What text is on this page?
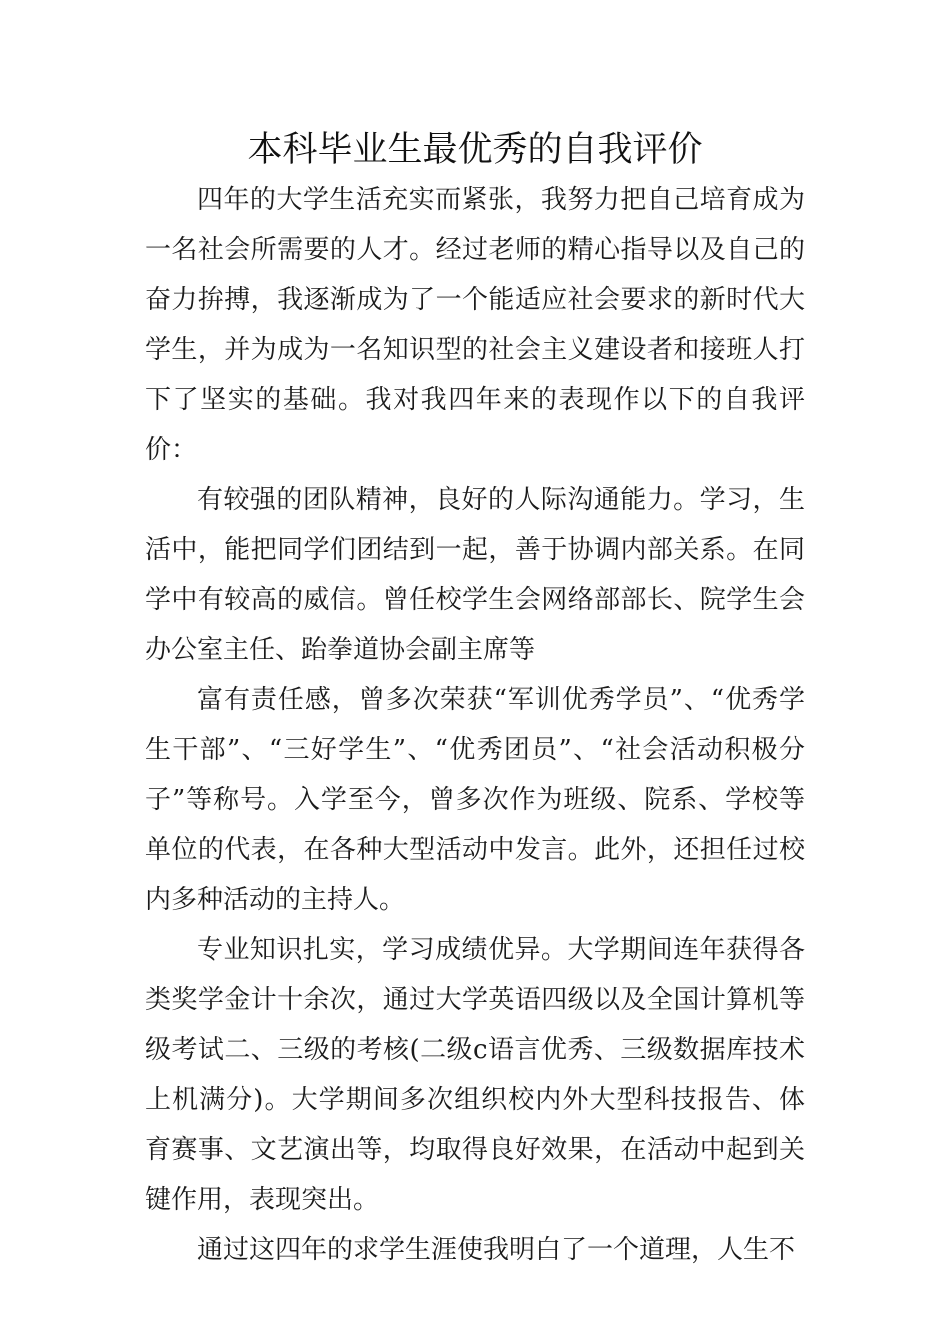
本科毕业生最优秀的自我评价

四年的大学生活充实而紧张，我努力把自己培育成为一名社会所需要的人才。经过老师的精心指导以及自己的奋力拚搏，我逐渐成为了一个能适应社会要求的新时代大学生，并为成为一名知识型的社会主义建设者和接班人打下了坚实的基础。我对我四年来的表现作以下的自我评价：

有较强的团队精神，良好的人际沟通能力。学习，生活中，能把同学们团结到一起，善于协调内部关系。在同学中有较高的威信。曾任校学生会网络部部长、院学生会办公室主任、跆拳道协会副主席等

富有责任感，曾多次荣获“军训优秀学员”、“优秀学生干部”、“三好学生”、“优秀团员”、“社会活动积极分子”等称号。入学至今，曾多次作为班级、院系、学校等单位的代表，在各种大型活动中发言。此外，还担任过校内多种活动的主持人。

专业知识扎实，学习成绩优异。大学期间连年获得各类奖学金计十余次，通过大学英语四级以及全国计算机等级考试二、三级的考核(二级c语言优秀、三级数据库技术上机满分)。大学期间多次组织校内外大型科技报告、体育赛事、文艺演出等，均取得良好效果，在活动中起到关键作用，表现突出。

通过这四年的求学生涯使我明白了一个道理，人生不
